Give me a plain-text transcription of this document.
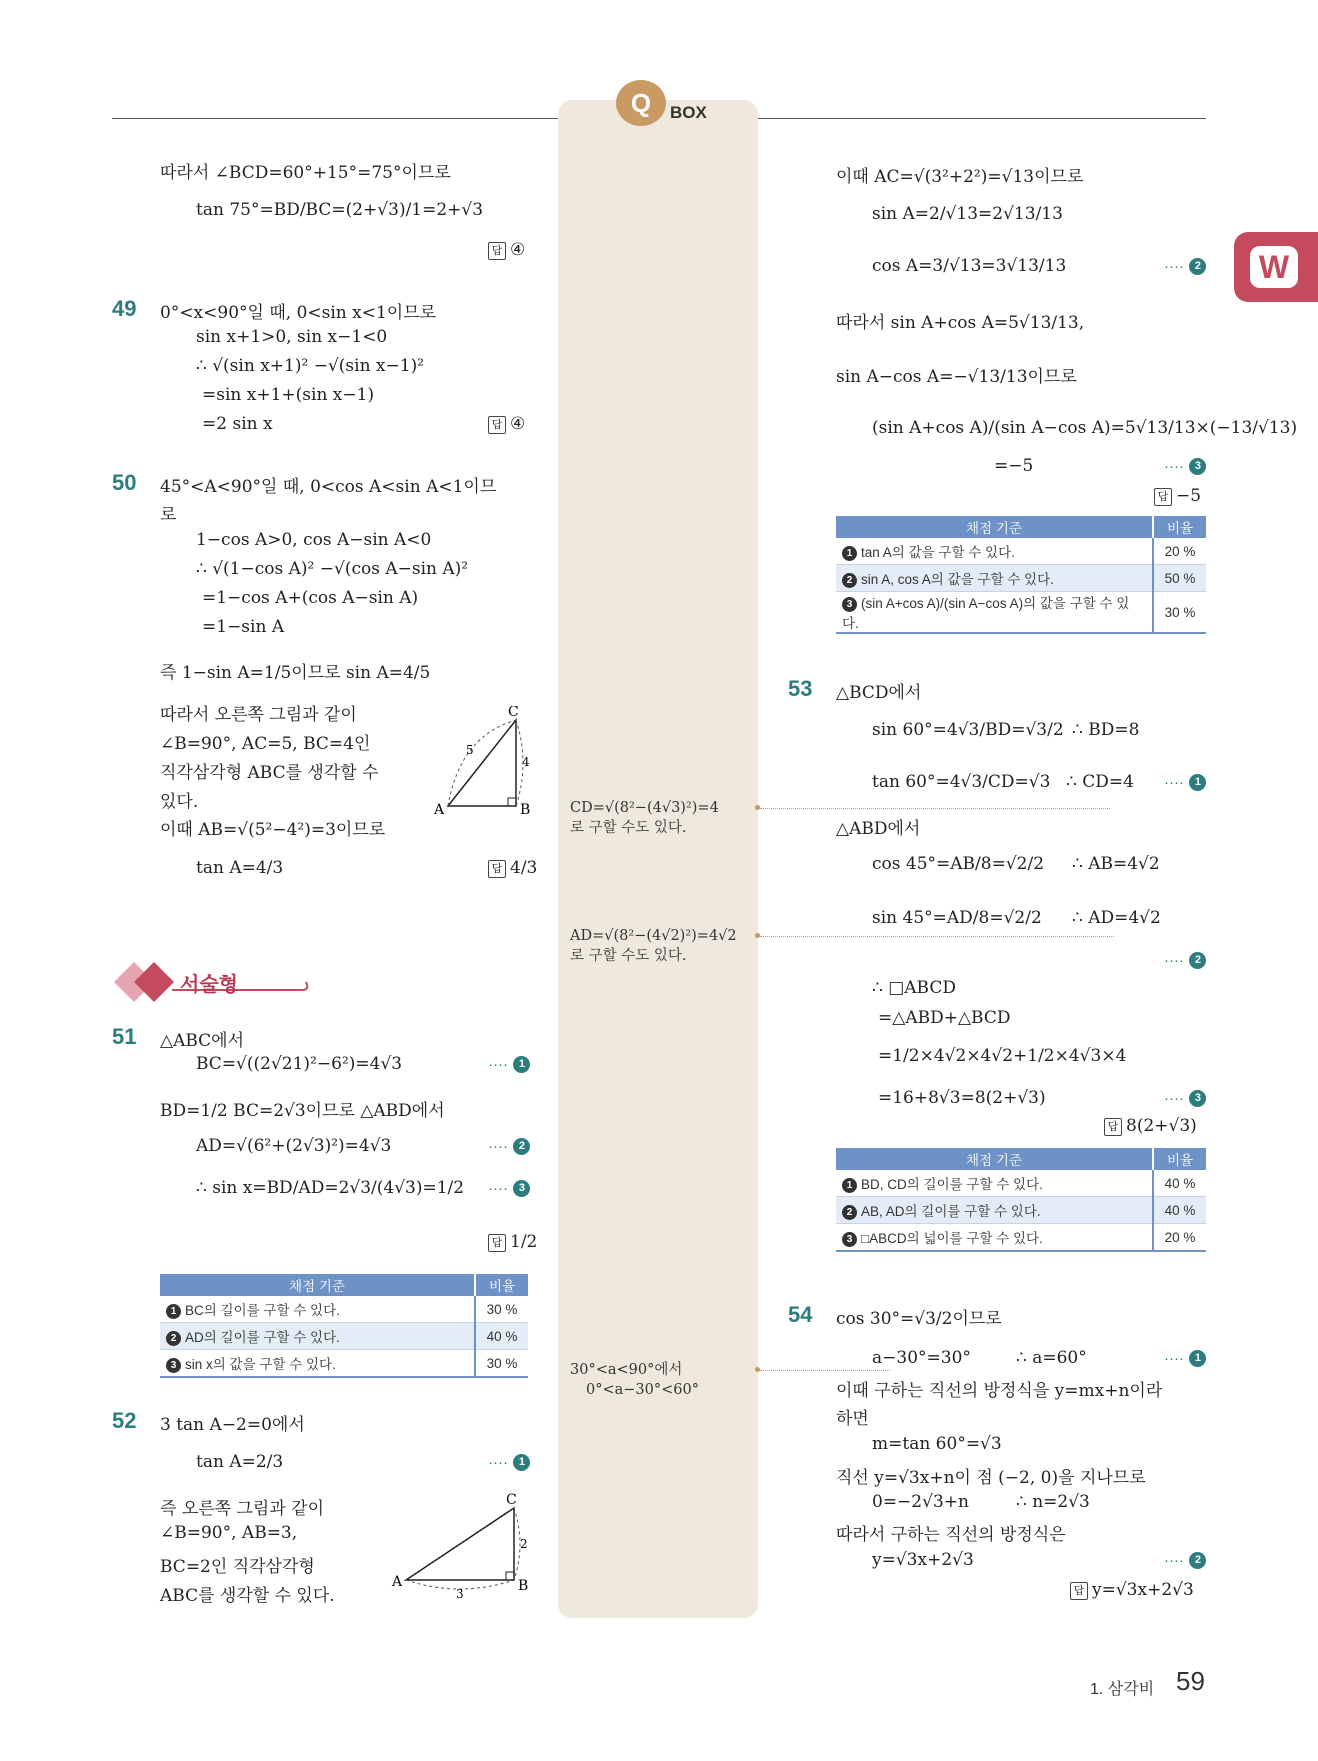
Q	BOX
W
따라서 ∠BCD=60°+15°=75°이므로
tan 75°=BD/BC=(2+√3)/1=2+√3
답 ④
49 0°<x<90°일 때, 0<sin x<1이므로
sin x+1>0, sin x−1<0
∴ √(sin x+1)² −√(sin x−1)²
=sin x+1+(sin x−1)
=2 sin x	답 ④
50 45°<A<90°일 때, 0<cos A<sin A<1이므
로
1−cos A>0, cos A−sin A<0
∴ √(1−cos A)² −√(cos A−sin A)²
=1−cos A+(cos A−sin A)
=1−sin A
즉 1−sin A=1/5이므로 sin A=4/5
따라서 오른쪽 그림과 같이
∠B=90°, AC=5, BC=4인
직각삼각형 ABC를 생각할 수
있다.
이때 AB=√(5²−4²)=3이므로
tan A=4/3	답 4/3
A	B
C
5
4
서술형
51 △ABC에서
BC=√((2√21)²−6²)=4√3	···· 1
BD=1/2 BC=2√3이므로 △ABD에서
AD=√(6²+(2√3)²)=4√3	···· 2
∴ sin x=BD/AD=2√3/(4√3)=1/2 ···· 3
답 1/2
채점 기준	비율
1 BC의 길이를 구할 수 있다.	30 %
2 AD의 길이를 구할 수 있다.	40 %
3 sin x의 값을 구할 수 있다.	30 %
52 3 tan A−2=0에서
tan A=2/3	···· 1
즉 오른쪽 그림과 같이
∠B=90°, AB=3,
BC=2인 직각삼각형
ABC를 생각할 수 있다.
A	B
C
3
2
CD=√(8²−(4√3)²)=4
로 구할 수도 있다.
AD=√(8²−(4√2)²)=4√2
로 구할 수도 있다.
30°<a<90°에서
0°<a−30°<60°
이때 AC=√(3²+2²)=√13이므로
sin A=2/√13=2√13/13
cos A=3/√13=3√13/13	···· 2
따라서 sin A+cos A=5√13/13,
sin A−cos A=−√13/13이므로
(sin A+cos A)/(sin A−cos A)=5√13/13×(−13/√13)
=−5	···· 3
답 −5
채점 기준	비율
1 tan A의 값을 구할 수 있다.	20 %
2 sin A, cos A의 값을 구할 수 있다.	50 %
3 (sin A+cos A)/(sin A−cos A)의 값을 구할 수 있다.	30 %
53 △BCD에서
sin 60°=4√3/BD=√3/2 ∴ BD=8
tan 60°=4√3/CD=√3 ∴ CD=4 ···· 1
△ABD에서
cos 45°=AB/8=√2/2 ∴ AB=4√2
sin 45°=AD/8=√2/2 ∴ AD=4√2
···· 2
∴ □ABCD
=△ABD+△BCD
=1/2×4√2×4√2+1/2×4√3×4
=16+8√3=8(2+√3)	···· 3
답 8(2+√3)
채점 기준	비율
1 BD, CD의 길이를 구할 수 있다.	40 %
2 AB, AD의 길이를 구할 수 있다.	40 %
3 □ABCD의 넓이를 구할 수 있다.	20 %
54 cos 30°=√3/2이므로
a−30°=30°	∴ a=60°	···· 1
이때 구하는 직선의 방정식을 y=mx+n이라
하면
m=tan 60°=√3
직선 y=√3x+n이 점 (−2, 0)을 지나므로
0=−2√3+n	∴ n=2√3
따라서 구하는 직선의 방정식은
y=√3x+2√3	···· 2
답 y=√3x+2√3
1. 삼각비 59
